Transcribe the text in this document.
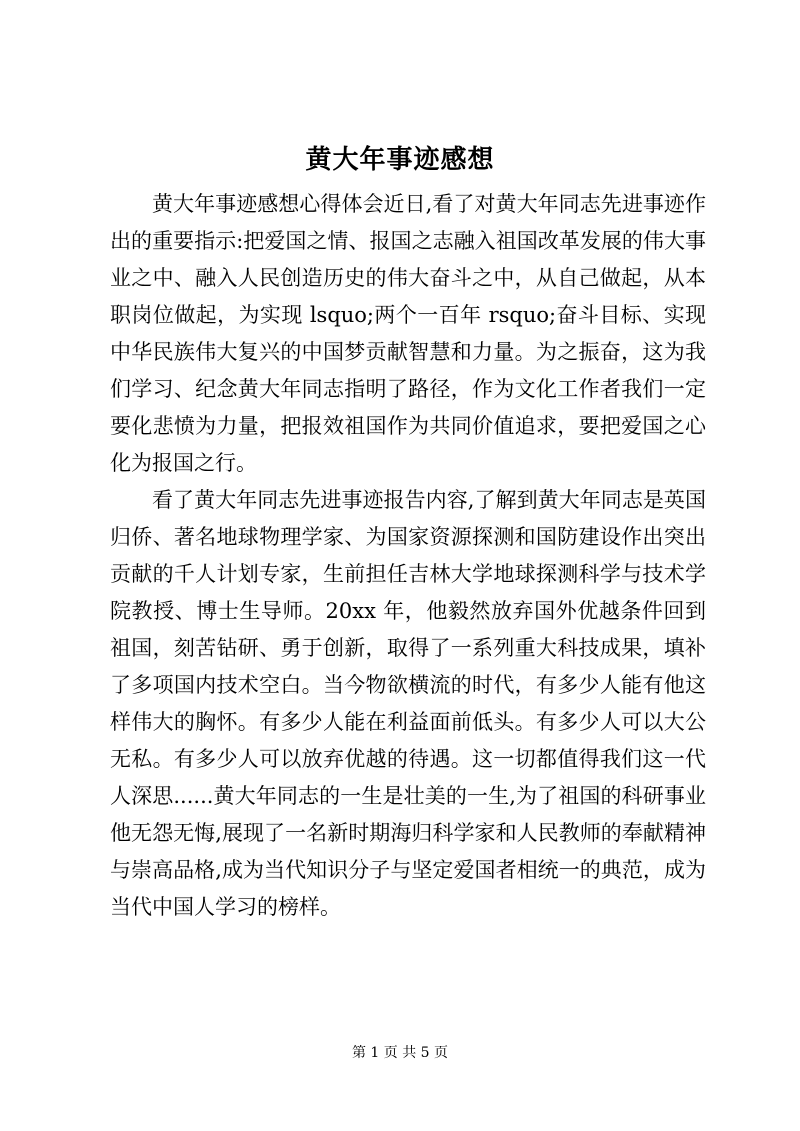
黄大年事迹感想

黄大年事迹感想心得体会近日,看了对黄大年同志先进事迹作出的重要指示:把爱国之情、报国之志融入祖国改革发展的伟大事业之中、融入人民创造历史的伟大奋斗之中，从自己做起，从本职岗位做起，为实现 lsquo;两个一百年 rsquo;奋斗目标、实现中华民族伟大复兴的中国梦贡献智慧和力量。为之振奋，这为我们学习、纪念黄大年同志指明了路径，作为文化工作者我们一定要化悲愤为力量，把报效祖国作为共同价值追求，要把爱国之心化为报国之行。

看了黄大年同志先进事迹报告内容,了解到黄大年同志是英国归侨、著名地球物理学家、为国家资源探测和国防建设作出突出贡献的千人计划专家，生前担任吉林大学地球探测科学与技术学院教授、博士生导师。20xx 年，他毅然放弃国外优越条件回到祖国，刻苦钻研、勇于创新，取得了一系列重大科技成果，填补了多项国内技术空白。当今物欲横流的时代，有多少人能有他这样伟大的胸怀。有多少人能在利益面前低头。有多少人可以大公无私。有多少人可以放弃优越的待遇。这一切都值得我们这一代人深思......黄大年同志的一生是壮美的一生,为了祖国的科研事业他无怨无悔,展现了一名新时期海归科学家和人民教师的奉献精神与崇高品格,成为当代知识分子与坚定爱国者相统一的典范，成为当代中国人学习的榜样。

第 1 页 共 5 页
